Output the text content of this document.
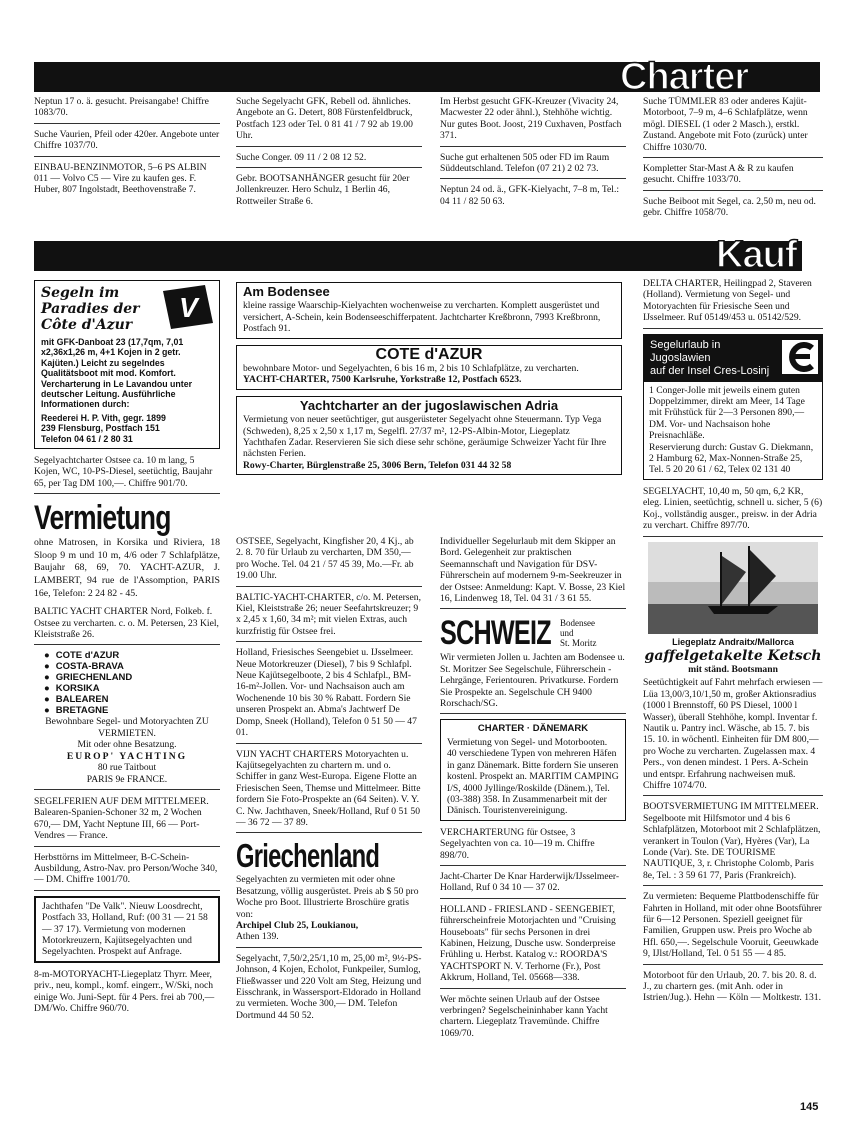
Charter
Neptun 17 o. ä. gesucht. Preisangabe! Chiffre 1083/70.
Suche Vaurien, Pfeil oder 420er. Angebote unter Chiffre 1037/70.
EINBAU-BENZINMOTOR, 5–6 PS ALBIN 011 — Volvo C5 — Vire zu kaufen ges. F. Huber, 807 Ingolstadt, Beethovenstraße 7.
Suche Segelyacht GFK, Rebell od. ähnliches. Angebote an G. Detert, 808 Fürstenfeldbruck, Postfach 123 oder Tel. 0 81 41 / 7 92 ab 19.00 Uhr.
Suche Conger. 09 11 / 2 08 12 52.
Gebr. BOOTSANHÄNGER gesucht für 20er Jollenkreuzer. Hero Schulz, 1 Berlin 46, Rottweiler Straße 6.
Im Herbst gesucht GFK-Kreuzer (Vivacity 24, Macwester 22 oder ähnl.), Stehhöhe wichtig. Nur gutes Boot. Joost, 219 Cuxhaven, Postfach 371.
Suche gut erhaltenen 505 oder FD im Raum Süddeutschland. Telefon (07 21) 2 02 73.
Neptun 24 od. ä., GFK-Kielyacht, 7–8 m, Tel.: 04 11 / 82 50 63.
Suche TÜMMLER 83 oder anderes Kajüt-Motorboot, 7–9 m, 4–6 Schlafplätze, wenn mögl. DIESEL (1 oder 2 Masch.), erstkl. Zustand. Angebote mit Foto (zurück) unter Chiffre 1030/70.
Kompletter Star-Mast A & R zu kaufen gesucht. Chiffre 1033/70.
Suche Beiboot mit Segel, ca. 2,50 m, neu od. gebr. Chiffre 1058/70.
Kauf
Segeln im
Paradies der
Côte d'Azur
V
mit GFK-Danboat 23 (17,7qm, 7,01 x2,36x1,26 m, 4+1 Kojen in 2 getr. Kajüten.) Leicht zu segelndes Qualitätsboot mit mod. Komfort. Vercharterung in Le Lavandou unter deutscher Leitung. Ausführliche Informationen durch:
Reederei H. P. Vith, gegr. 1899
239 Flensburg, Postfach 151
Telefon 04 61 / 2 80 31
Segelyachtcharter Ostsee ca. 10 m lang, 5 Kojen, WC, 10-PS-Diesel, seetüchtig, Baujahr 65, per Tag DM 100,—. Chiffre 901/70.
Vermietung
ohne Matrosen, in Korsika und Riviera, 18 Sloop 9 m und 10 m, 4/6 oder 7 Schlafplätze, Baujahr 68, 69, 70. YACHT-AZUR, J. LAMBERT, 94 rue de l'Assomption, PARIS 16e, Telefon: 2 24 82 - 45.
BALTIC YACHT CHARTER Nord, Folkeb. f. Ostsee zu vercharten. c. o. M. Petersen, 23 Kiel, Kleiststraße 26.
● COTE d'AZUR
● COSTA-BRAVA
● GRIECHENLAND
● KORSIKA
● BALEAREN
● BRETAGNE
Bewohnbare Segel- und Motoryachten ZU VERMIETEN.
Mit oder ohne Besatzung.
EUROP' YACHTING
80 rue Taitbout
PARIS 9e FRANCE.
SEGELFERIEN AUF DEM MITTELMEER. Balearen-Spanien-Schoner 32 m, 2 Wochen 670,— DM, Yacht Neptune III, 66 — Port-Vendres — France.
Herbsttörns im Mittelmeer, B-C-Schein-Ausbildung, Astro-Nav. pro Person/Woche 340,— DM. Chiffre 1001/70.
Jachthafen "De Valk". Nieuw Loosdrecht, Postfach 33, Holland, Ruf: (00 31 — 21 58 — 37 17). Vermietung von modernen Motorkreuzern, Kajütsegelyachten und Segelyachten. Prospekt auf Anfrage.
8-m-MOTORYACHT-Liegeplatz Thyrr. Meer, priv., neu, kompl., komf. eingerr., W/Ski, noch einige Wo. Juni-Sept. für 4 Pers. frei ab 700,— DM/Wo. Chiffre 960/70.
Am Bodensee
kleine rassige Waarschip-Kielyachten wochenweise zu vercharten. Komplett ausgerüstet und versichert, A-Schein, kein Bodenseeschifferpatent. Jachtcharter Kreßbronn, 7993 Kreßbronn, Postfach 91.
COTE d'AZUR
bewohnbare Motor- und Segelyachten, 6 bis 16 m, 2 bis 10 Schlafplätze, zu vercharten.
YACHT-CHARTER, 7500 Karlsruhe, Yorkstraße 12, Postfach 6523.
Yachtcharter an der jugoslawischen Adria
Vermietung von neuer seetüchtiger, gut ausgerüsteter Segelyacht ohne Steuermann. Typ Vega (Schweden), 8,25 x 2,50 x 1,17 m, Segelfl. 27/37 m², 12-PS-Albin-Motor, Liegeplatz Yachthafen Zadar. Reservieren Sie sich diese sehr schöne, geräumige Schweizer Yacht für Ihre nächsten Ferien.
Rowy-Charter, Bürglenstraße 25, 3006 Bern, Telefon 031 44 32 58
OSTSEE, Segelyacht, Kingfisher 20, 4 Kj., ab 2. 8. 70 für Urlaub zu vercharten, DM 350,— pro Woche. Tel. 04 21 / 57 45 39, Mo.—Fr. ab 19.00 Uhr.
BALTIC-YACHT-CHARTER, c/o. M. Petersen, Kiel, Kleiststraße 26; neuer Seefahrtskreuzer; 9 x 2,45 x 1,60, 34 m²; mit vielen Extras, auch kurzfristig für Ostsee frei.
Holland, Friesisches Seengebiet u. IJsselmeer. Neue Motorkreuzer (Diesel), 7 bis 9 Schlafpl. Neue Kajütsegelboote, 2 bis 4 Schlafpl., BM-16-m²-Jollen. Vor- und Nachsaison auch am Wochenende 10 bis 30 % Rabatt. Fordern Sie unseren Prospekt an. Abma's Jachtwerf De Domp, Sneek (Holland), Telefon 0 51 50 — 47 01.
VIJN YACHT CHARTERS Motoryachten u. Kajütsegelyachten zu chartern m. und o. Schiffer in ganz West-Europa. Eigene Flotte an Friesischen Seen, Themse und Mittelmeer. Bitte fordern Sie Foto-Prospekte an (64 Seiten). V. Y. C. Nw. Jachthaven, Sneek/Holland, Ruf 0 51 50 — 36 72 — 37 89.
Griechenland
Segelyachten zu vermieten mit oder ohne Besatzung, völlig ausgerüstet. Preis ab $ 50 pro Woche pro Boot. Illustrierte Broschüre gratis von:
Archipel Club 25, Loukianou,
Athen 139.
Segelyacht, 7,50/2,25/1,10 m, 25,00 m², 9½-PS-Johnson, 4 Kojen, Echolot, Funkpeiler, Sumlog, Fließwasser und 220 Volt am Steg, Heizung und Eisschrank, in Wassersport-Eldorado in Holland zu vermieten. Woche 300,— DM. Telefon Dortmund 44 50 52.
Individueller Segelurlaub mit dem Skipper an Bord. Gelegenheit zur praktischen Seemannschaft und Navigation für DSV-Führerschein auf modernem 9-m-Seekreuzer in der Ostsee: Anmeldung: Kapt. V. Bosse, 23 Kiel 16, Lindenweg 18, Tel. 04 31 / 3 61 55.
SCHWEIZ Bodensee
und
St. Moritz
Wir vermieten Jollen u. Jachten am Bodensee u. St. Moritzer See Segelschule, Führerschein - Lehrgänge, Ferientouren. Privatkurse. Fordern Sie Prospekte an. Segelschule CH 9400 Rorschach/SG.
CHARTER · DÄNEMARK
Vermietung von Segel- und Motorbooten. 40 verschiedene Typen von mehreren Häfen in ganz Dänemark. Bitte fordern Sie unseren kostenl. Prospekt an. MARITIM CAMPING I/S, 4000 Jyllinge/Roskilde (Dänem.), Tel. (03-388) 358. In Zusammenarbeit mit der Dänisch. Touristenvereinigung.
VERCHARTERUNG für Ostsee, 3 Segelyachten von ca. 10—19 m. Chiffre 898/70.
Jacht-Charter De Knar Harderwijk/IJsselmeer-Holland, Ruf 0 34 10 — 37 02.
HOLLAND - FRIESLAND - SEENGEBIET, führerscheinfreie Motorjachten und "Cruising Houseboats" für sechs Personen in drei Kabinen, Heizung, Dusche usw. Sonderpreise Frühling u. Herbst. Katalog v.: ROORDA'S YACHTSPORT N. V. Terhorne (Fr.), Post Akkrum, Holland, Tel. 05668—338.
Wer möchte seinen Urlaub auf der Ostsee verbringen? Segelscheininhaber kann Yacht chartern. Liegeplatz Travemünde. Chiffre 1069/70.
DELTA CHARTER, Heilingpad 2, Staveren (Holland). Vermietung von Segel- und Motoryachten für Friesische Seen und IJsselmeer. Ruf 05149/453 u. 05142/529.
Segelurlaub in
Jugoslawien
auf der Insel Cres-Losinj
1 Conger-Jolle mit jeweils einem guten Doppelzimmer, direkt am Meer, 14 Tage mit Frühstück für 2—3 Personen 890,— DM. Vor- und Nachsaison hohe Preisnachläße.
Reservierung durch: Gustav G. Diekmann, 2 Hamburg 62, Max-Nonnen-Straße 25, Tel. 5 20 20 61 / 62, Telex 02 131 40
SEGELYACHT, 10,40 m, 50 qm, 6,2 KR, eleg. Linien, seetüchtig, schnell u. sicher, 5 (6) Koj., vollständig ausger., preisw. in der Adria zu verchart. Chiffre 897/70.
Liegeplatz Andraitx/Mallorca
gaffelgetakelte Ketsch
mit ständ. Bootsmann
Seetüchtigkeit auf Fahrt mehrfach erwiesen — Lüa 13,00/3,10/1,50 m, großer Aktionsradius (1000 l Brennstoff, 60 PS Diesel, 1000 l Wasser), überall Stehhöhe, kompl. Inventar f. Nautik u. Pantry incl. Wäsche, ab 15. 7. bis 15. 10. in wöchentl. Einheiten für DM 800,— pro Woche zu vercharten. Zugelassen max. 4 Pers., von denen mindest. 1 Pers. A-Schein und entspr. Erfahrung nachweisen muß. Chiffre 1074/70.
BOOTSVERMIETUNG IM MITTELMEER. Segelboote mit Hilfsmotor und 4 bis 6 Schlafplätzen, Motorboot mit 2 Schlafplätzen, verankert in Toulon (Var), Hyères (Var), La Londe (Var). Ste. DE TOURISME NAUTIQUE, 3, r. Christophe Colomb, Paris 8e, Tel. : 3 59 61 77, Paris (Frankreich).
Zu vermieten: Bequeme Plattbodenschiffe für Fahrten in Holland, mit oder ohne Bootsführer für 6—12 Personen. Speziell geeignet für Familien, Gruppen usw. Preis pro Woche ab Hfl. 650,—. Segelschule Vooruit, Geeuwkade 9, IJlst/Holland, Tel. 0 51 55 — 4 85.
Motorboot für den Urlaub, 20. 7. bis 20. 8. d. J., zu chartern ges. (mit Anh. oder in Istrien/Jug.). Hehn — Köln — Moltkestr. 131.
145
